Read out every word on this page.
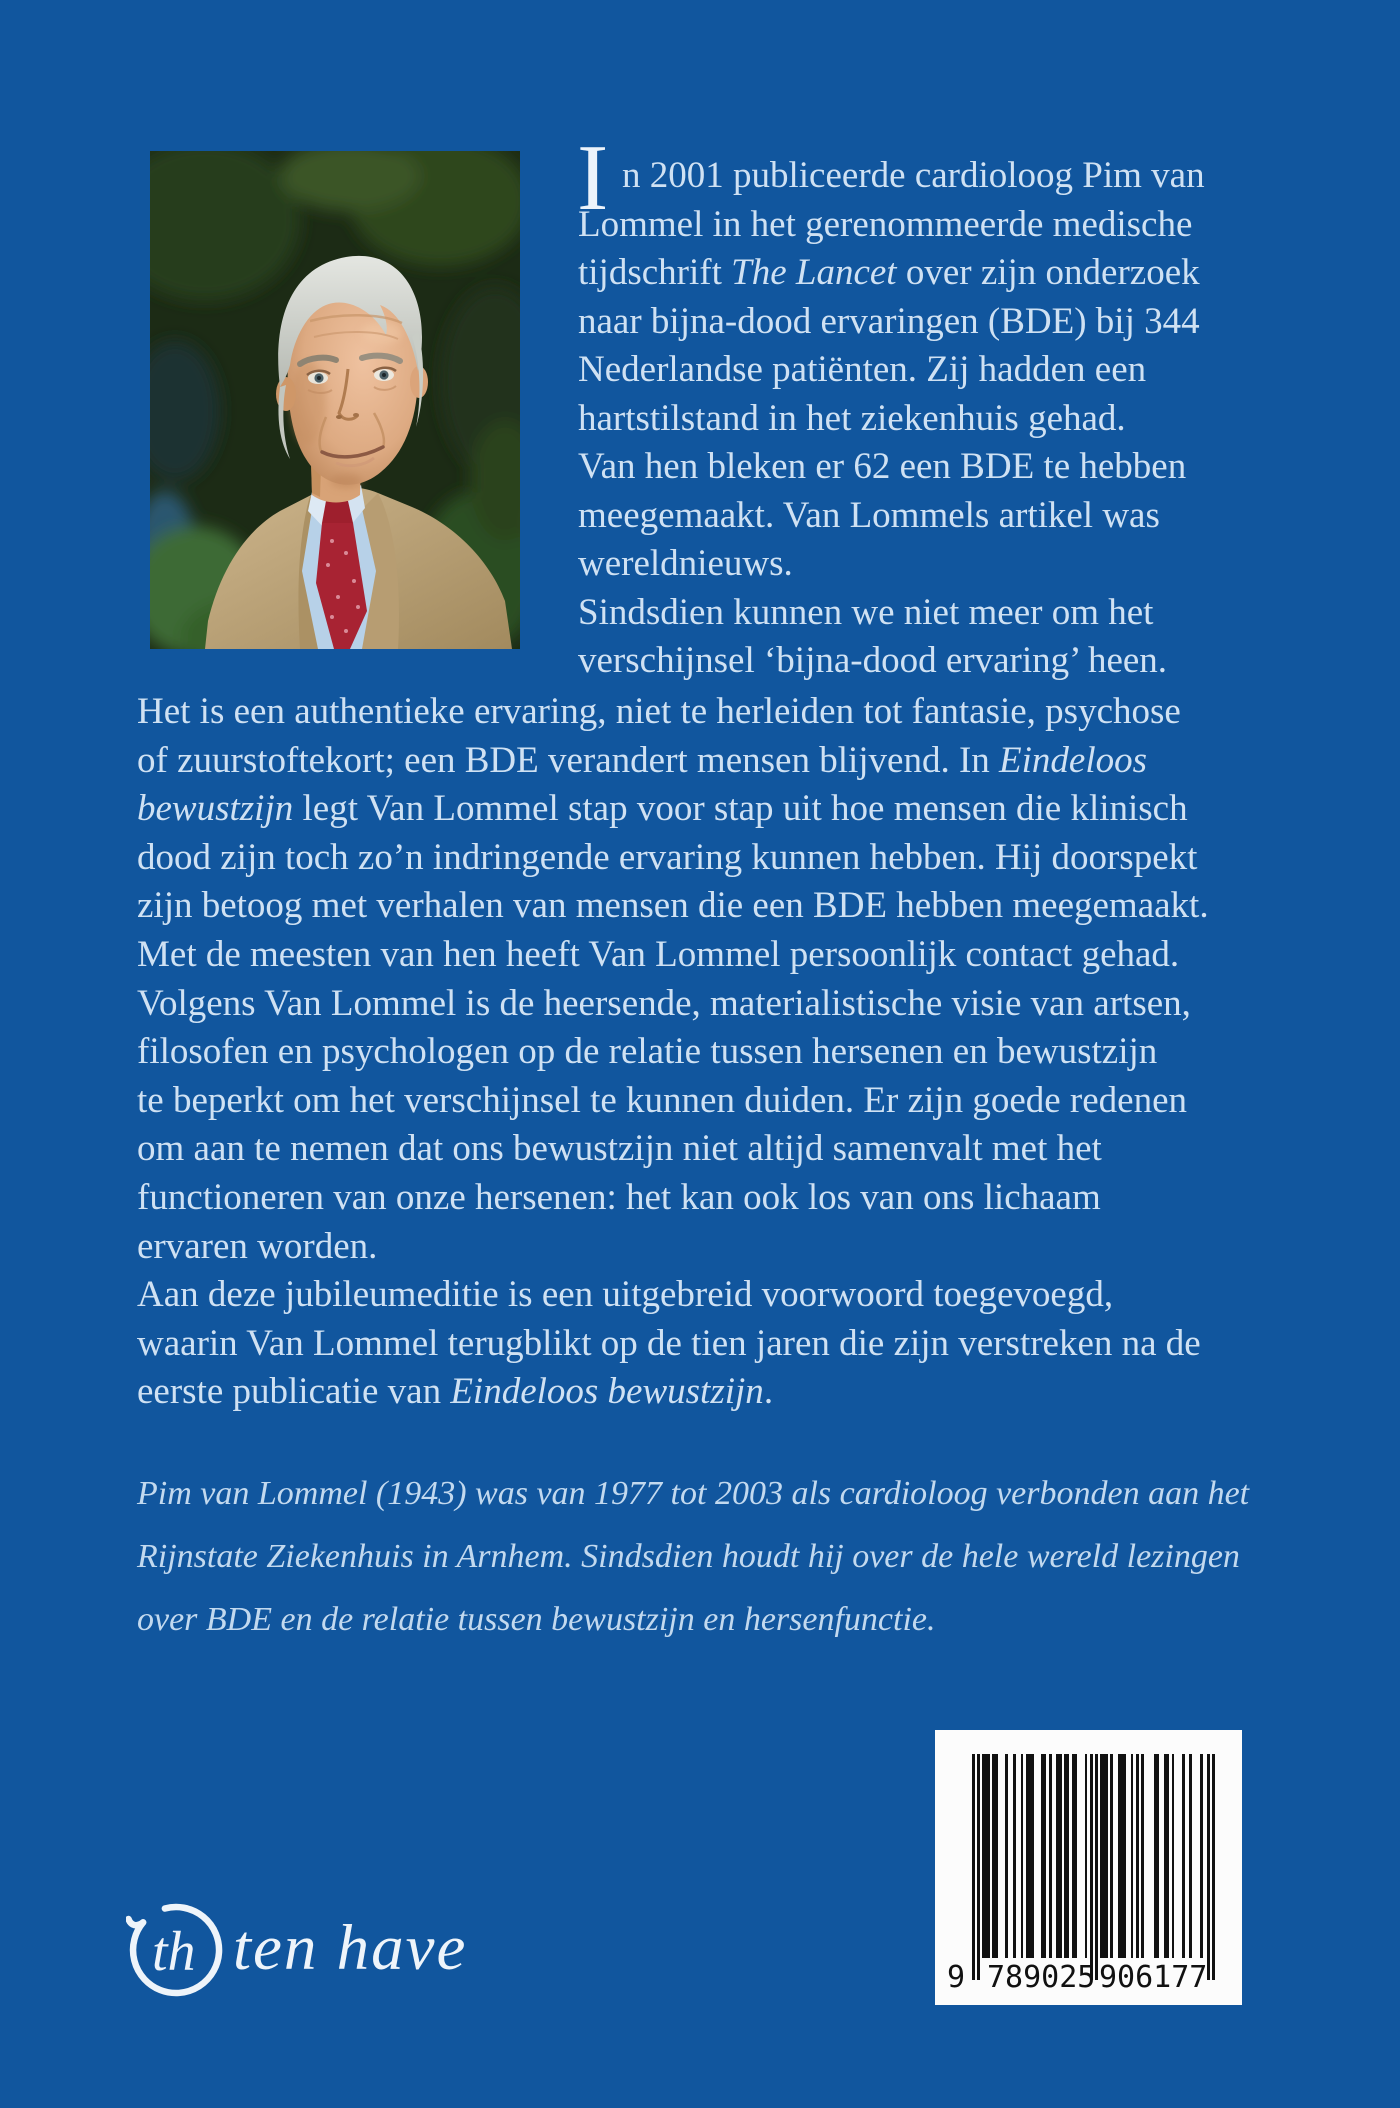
I n 2001 publiceerde cardioloog Pim van
Lommel in het gerenommeerde medische
tijdschrift The Lancet over zijn onderzoek
naar bijna-dood ervaringen (BDE) bij 344
Nederlandse patiënten. Zij hadden een
hartstilstand in het ziekenhuis gehad.
Van hen bleken er 62 een BDE te hebben
meegemaakt. Van Lommels artikel was
wereldnieuws.
Sindsdien kunnen we niet meer om het
verschijnsel ‘bijna-dood ervaring’ heen.
Het is een authentieke ervaring, niet te herleiden tot fantasie, psychose
of zuurstoftekort; een BDE verandert mensen blijvend. In Eindeloos
bewustzijn legt Van Lommel stap voor stap uit hoe mensen die klinisch
dood zijn toch zo’n indringende ervaring kunnen hebben. Hij doorspekt
zijn betoog met verhalen van mensen die een BDE hebben meegemaakt.
Met de meesten van hen heeft Van Lommel persoonlijk contact gehad.
Volgens Van Lommel is de heersende, materialistische visie van artsen,
filosofen en psychologen op de relatie tussen hersenen en bewustzijn
te beperkt om het verschijnsel te kunnen duiden. Er zijn goede redenen
om aan te nemen dat ons bewustzijn niet altijd samenvalt met het
functioneren van onze hersenen: het kan ook los van ons lichaam
ervaren worden.
Aan deze jubileumeditie is een uitgebreid voorwoord toegevoegd,
waarin Van Lommel terugblikt op de tien jaren die zijn verstreken na de
eerste publicatie van Eindeloos bewustzijn.
Pim van Lommel (1943) was van 1977 tot 2003 als cardioloog verbonden aan het
Rijnstate Ziekenhuis in Arnhem. Sindsdien houdt hij over de hele wereld lezingen
over BDE en de relatie tussen bewustzijn en hersenfunctie.
th ten have	9 789025 906177
